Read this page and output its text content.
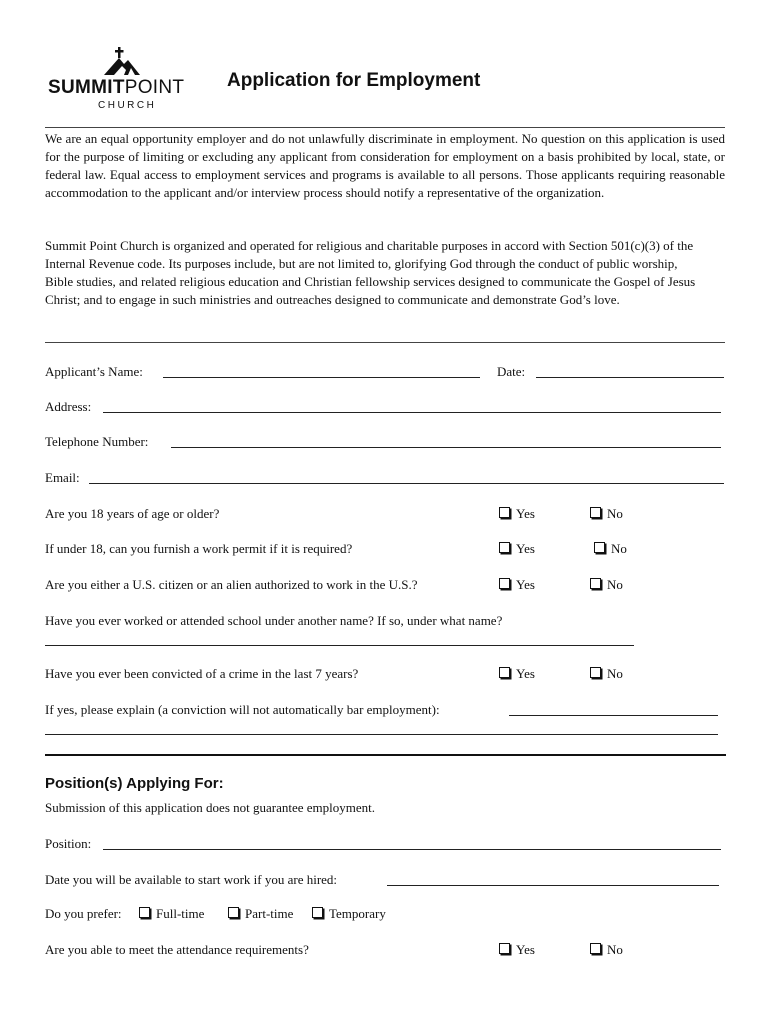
SUMMITPOINT
CHURCH
Application for Employment
We are an equal opportunity employer and do not unlawfully discriminate in employment. No question on this application is used for the purpose of limiting or excluding any applicant from consideration for employment on a basis prohibited by local, state, or federal law. Equal access to employment services and programs is available to all persons. Those applicants requiring reasonable accommodation to the applicant and/or interview process should notify a representative of the organization.
Summit Point Church is organized and operated for religious and charitable purposes in accord with Section 501(c)(3) of the Internal Revenue code. Its purposes include, but are not limited to, glorifying God through the conduct of public worship, Bible studies, and related religious education and Christian fellowship services designed to communicate the Gospel of Jesus Christ; and to engage in such ministries and outreaches designed to communicate and demonstrate God’s love.
Applicant’s Name:	Date:
Address:
Telephone Number:
Email:
Are you 18 years of age or older?	Yes	No
If under 18, can you furnish a work permit if it is required?	Yes	No
Are you either a U.S. citizen or an alien authorized to work in the U.S.?	Yes	No
Have you ever worked or attended school under another name? If so, under what name?
Have you ever been convicted of a crime in the last 7 years?	Yes	No
If yes, please explain (a conviction will not automatically bar employment):
Position(s) Applying For:
Submission of this application does not guarantee employment.
Position:
Date you will be available to start work if you are hired:
Do you prefer:	Full-time	Part-time	Temporary
Are you able to meet the attendance requirements?	Yes	No
